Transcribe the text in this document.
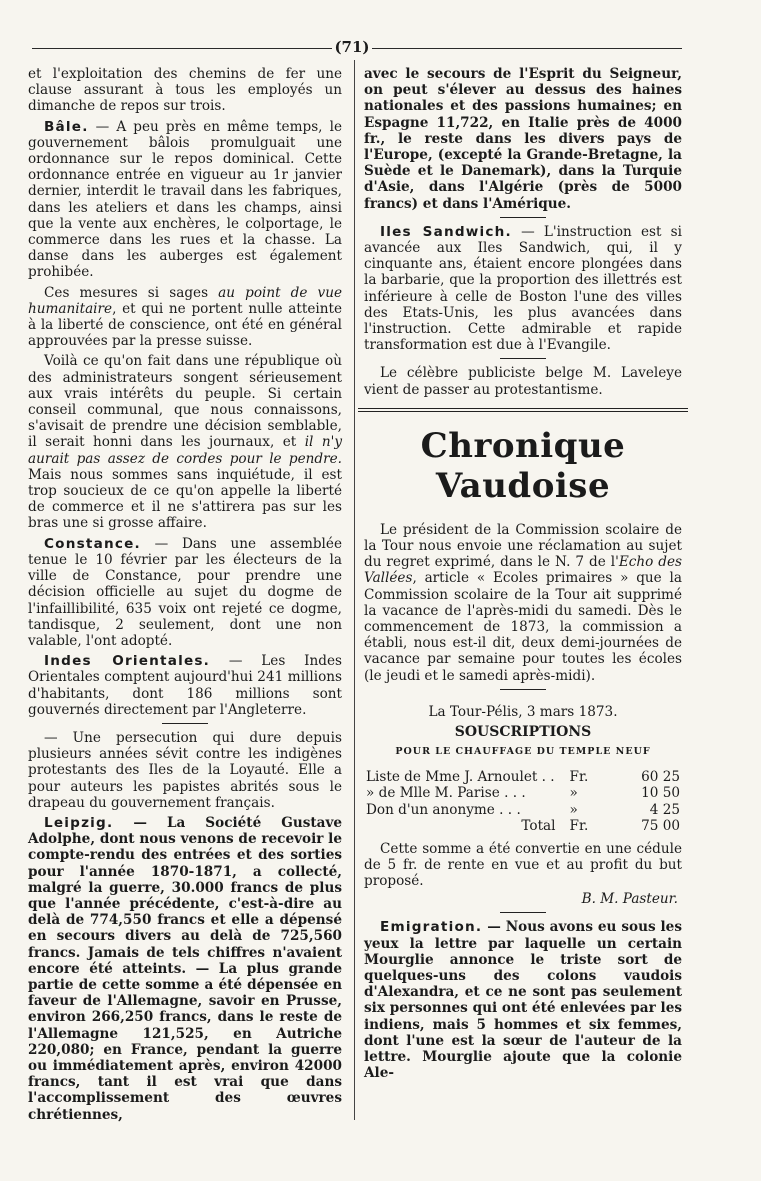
(71)

et l'exploitation des chemins de fer une clause assurant à tous les employés un dimanche de repos sur trois.

Bâle. — A peu près en même temps, le gouvernement bâlois promulguait une ordonnance sur le repos dominical. Cette ordonnance entrée en vigueur au 1r janvier dernier, interdit le travail dans les fabriques, dans les ateliers et dans les champs, ainsi que la vente aux enchères, le colportage, le commerce dans les rues et la chasse. La danse dans les auberges est également prohibée.

Ces mesures si sages au point de vue humanitaire, et qui ne portent nulle atteinte à la liberté de conscience, ont été en général approuvées par la presse suisse.

Voilà ce qu'on fait dans une république où des administrateurs songent sérieusement aux vrais intérêts du peuple. Si certain conseil communal, que nous connaissons, s'avisait de prendre une décision semblable, il serait honni dans les journaux, et il n'y aurait pas assez de cordes pour le pendre. Mais nous sommes sans inquiétude, il est trop soucieux de ce qu'on appelle la liberté de commerce et il ne s'attirera pas sur les bras une si grosse affaire.

Constance. — Dans une assemblée tenue le 10 février par les électeurs de la ville de Constance, pour prendre une décision officielle au sujet du dogme de l'infaillibilité, 635 voix ont rejeté ce dogme, tandisque, 2 seulement, dont une non valable, l'ont adopté.

Indes Orientales. — Les Indes Orientales comptent aujourd'hui 241 millions d'habitants, dont 186 millions sont gouvernés directement par l'Angleterre.

— Une persecution qui dure depuis plusieurs années sévit contre les indigènes protestants des Iles de la Loyauté. Elle a pour auteurs les papistes abrités sous le drapeau du gouvernement français.

Leipzig. — La Société Gustave Adolphe, dont nous venons de recevoir le compte-rendu des entrées et des sorties pour l'année 1870-1871, a collecté, malgré la guerre, 30.000 francs de plus que l'année précédente, c'est-à-dire au delà de 774,550 francs et elle a dépensé en secours divers au delà de 725,560 francs. Jamais de tels chiffres n'avaient encore été atteints. — La plus grande partie de cette somme a été dépensée en faveur de l'Allemagne, savoir en Prusse, environ 266,250 francs, dans le reste de l'Allemagne 121,525, en Autriche 220,080; en France, pendant la guerre ou immédiatement après, environ 42000 francs, tant il est vrai que dans l'accomplissement des œuvres chrétiennes,

avec le secours de l'Esprit du Seigneur, on peut s'élever au dessus des haines nationales et des passions humaines; en Espagne 11,722, en Italie près de 4000 fr., le reste dans les divers pays de l'Europe, (excepté la Grande-Bretagne, la Suède et le Danemark), dans la Turquie d'Asie, dans l'Algérie (près de 5000 francs) et dans l'Amérique.

Iles Sandwich. — L'instruction est si avancée aux Iles Sandwich, qui, il y cinquante ans, étaient encore plongées dans la barbarie, que la proportion des illettrés est inférieure à celle de Boston l'une des villes des Etats-Unis, les plus avancées dans l'instruction. Cette admirable et rapide transformation est due à l'Evangile.

Le célèbre publiciste belge M. Laveleye vient de passer au protestantisme.

Chronique Vaudoise

Le président de la Commission scolaire de la Tour nous envoie une réclamation au sujet du regret exprimé, dans le N. 7 de l'Echo des Vallées, article « Ecoles primaires » que la Commission scolaire de la Tour ait supprimé la vacance de l'après-midi du samedi. Dès le commencement de 1873, la commission a établi, nous est-il dit, deux demi-journées de vacance par semaine pour toutes les écoles (le jeudi et le samedi après-midi).

La Tour-Pélis, 3 mars 1873.
SOUSCRIPTIONS
POUR LE CHAUFFAGE DU TEMPLE NEUF
Liste de Mme J. Arnoulet . .	Fr.	60 25
» de Mlle M. Parise . . .	»	10 50
Don d'un anonyme . . .	»	4 25
Total	Fr.	75 00

Cette somme a été convertie en une cédule de 5 fr. de rente en vue et au profit du but proposé.

B. M. Pasteur.

Emigration. — Nous avons eu sous les yeux la lettre par laquelle un certain Mourglie annonce le triste sort de quelques-uns des colons vaudois d'Alexandra, et ce ne sont pas seulement six personnes qui ont été enlevées par les indiens, mais 5 hommes et six femmes, dont l'une est la sœur de l'auteur de la lettre. Mourglie ajoute que la colonie Ale-
